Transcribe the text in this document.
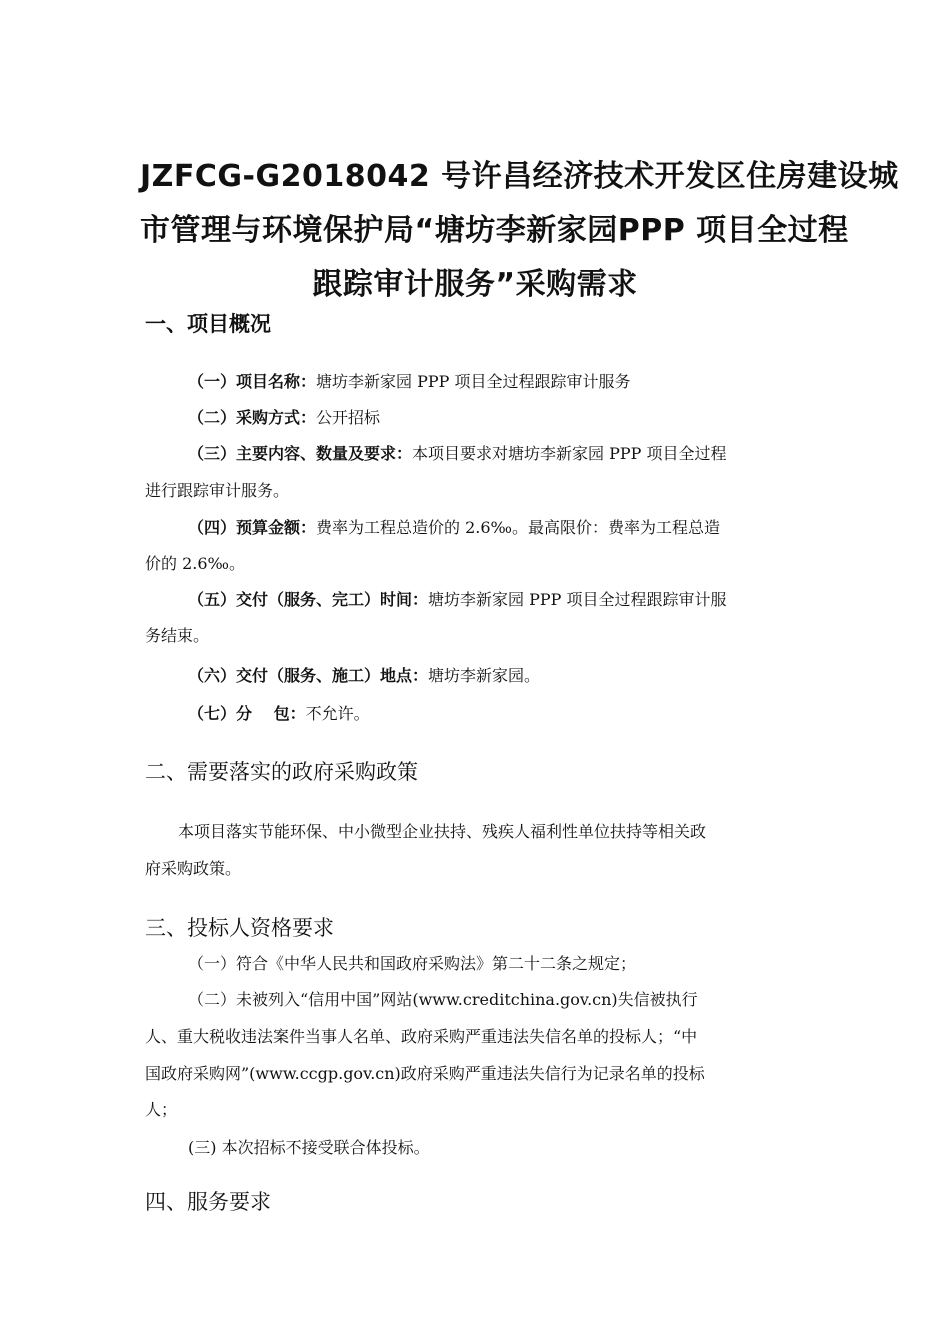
JZFCG-G2018042 号许昌经济技术开发区住房建设城
市管理与环境保护局“塘坊李新家园PPP 项目全过程
跟踪审计服务”采购需求
一、项目概况
（一）项目名称：塘坊李新家园 PPP 项目全过程跟踪审计服务
（二）采购方式：公开招标
（三）主要内容、数量及要求：本项目要求对塘坊李新家园 PPP 项目全过程
进行跟踪审计服务。
（四）预算金额：费率为工程总造价的 2.6‰。最高限价：费率为工程总造
价的 2.6‰。
（五）交付（服务、完工）时间：塘坊李新家园 PPP 项目全过程跟踪审计服
务结束。
（六）交付（服务、施工）地点：塘坊李新家园。
（七）分　 包：不允许。
二、需要落实的政府采购政策
本项目落实节能环保、中小微型企业扶持、残疾人福利性单位扶持等相关政
府采购政策。
三、投标人资格要求
（一）符合《中华人民共和国政府采购法》第二十二条之规定；
（二）未被列入“信用中国”网站(www.creditchina.gov.cn)失信被执行
人、重大税收违法案件当事人名单、政府采购严重违法失信名单的投标人；“中
国政府采购网”(www.ccgp.gov.cn)政府采购严重违法失信行为记录名单的投标
人；
(三) 本次招标不接受联合体投标。
四、服务要求
